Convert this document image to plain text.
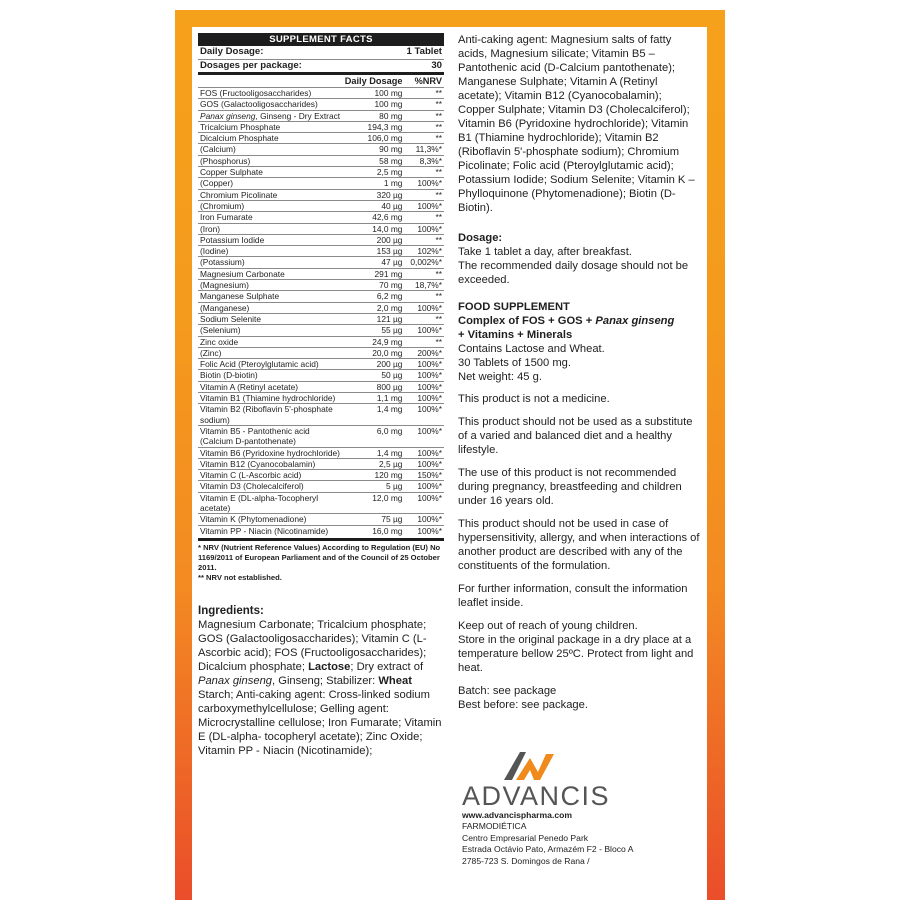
SUPPLEMENT FACTS		
Daily Dosage:		1 Tablet
Dosages per package:		30
	Daily Dosage	%NRV
FOS (Fructooligosaccharides)	100 mg	**
GOS (Galactooligosaccharides)	100 mg	**
Panax ginseng, Ginseng - Dry Extract	80 mg	**
Tricalcium Phosphate	194,3 mg	**
Dicalcium Phosphate	106,0 mg	**
(Calcium)	90 mg	11,3%*
(Phosphorus)	58 mg	8,3%*
Copper Sulphate	2,5 mg	**
(Copper)	1 mg	100%*
Chromium Picolinate	320 µg	**
(Chromium)	40 µg	100%*
Iron Fumarate	42,6 mg	**
(Iron)	14,0 mg	100%*
Potassium Iodide	200 µg	**
(Iodine)	153 µg	102%*
(Potassium)	47 µg	0,002%*
Magnesium Carbonate	291 mg	**
(Magnesium)	70 mg	18,7%*
Manganese Sulphate	6,2 mg	**
(Manganese)	2,0 mg	100%*
Sodium Selenite	121 µg	**
(Selenium)	55 µg	100%*
Zinc oxide	24,9 mg	**
(Zinc)	20,0 mg	200%*
Folic Acid (Pteroylglutamic acid)	200 µg	100%*
Biotin (D-biotin)	50 µg	100%*
Vitamin A (Retinyl acetate)	800 µg	100%*
Vitamin B1 (Thiamine hydrochloride)	1,1 mg	100%*
Vitamin B2 (Riboflavin 5'-phosphate sodium)	1,4 mg	100%*
Vitamin B5 - Pantothenic acid
(Calcium D-pantothenate)	6,0 mg	100%*
Vitamin B6 (Pyridoxine hydrochloride)	1,4 mg	100%*
Vitamin B12 (Cyanocobalamin)	2,5 µg	100%*
Vitamin C (L-Ascorbic acid)	120 mg	150%*
Vitamin D3 (Cholecalciferol)	5 µg	100%*
Vitamin E (DL-alpha-Tocopheryl acetate)	12,0 mg	100%*
Vitamin K (Phytomenadione)	75 µg	100%*
Vitamin PP - Niacin (Nicotinamide)	16,0 mg	100%*
* NRV (Nutrient Reference Values) According to Regulation (EU) No 1169/2011 of European Parliament and of the Council of 25 October 2011.
** NRV not established.
Ingredients:
Magnesium Carbonate; Tricalcium phosphate; GOS (Galactooligosaccharides); Vitamin C (L-Ascorbic acid); FOS (Fructooligosaccharides); Dicalcium phosphate; Lactose; Dry extract of Panax ginseng, Ginseng; Stabilizer: Wheat Starch; Anti-caking agent: Cross-linked sodium carboxymethylcellulose; Gelling agent: Microcrystalline cellulose; Iron Fumarate; Vitamin E (DL-alpha- tocopheryl acetate); Zinc Oxide; Vitamin PP - Niacin (Nicotinamide);

Anti-caking agent: Magnesium salts of fatty acids, Magnesium silicate; Vitamin B5 – Pantothenic acid (D-Calcium pantothenate); Manganese Sulphate; Vitamin A (Retinyl acetate); Vitamin B12 (Cyanocobalamin); Copper Sulphate; Vitamin D3 (Cholecalciferol); Vitamin B6 (Pyridoxine hydrochloride); Vitamin B1 (Thiamine hydrochloride); Vitamin B2 (Riboflavin 5'-phosphate sodium); Chromium Picolinate; Folic acid (Pteroylglutamic acid); Potassium Iodide; Sodium Selenite; Vitamin K – Phylloquinone (Phytomenadione); Biotin (D-Biotin).

Dosage:

Take 1 tablet a day, after breakfast.
The recommended daily dosage should not be exceeded.

FOOD SUPPLEMENT

Complex of FOS + GOS + Panax ginseng
+ Vitamins + Minerals
Contains Lactose and Wheat.
30 Tablets of 1500 mg.
Net weight: 45 g.

This product is not a medicine.

This product should not be used as a substitute of a varied and balanced diet and a healthy lifestyle.

The use of this product is not recommended during pregnancy, breastfeeding and children under 16 years old.

This product should not be used in case of hypersensitivity, allergy, and when interactions of another product are described with any of the constituents of the formulation.

For further information, consult the information leaflet inside.

Keep out of reach of young children.
Store in the original package in a dry place at a temperature bellow 25ºC. Protect from light and heat.

Batch: see package
Best before: see package.

ADVANCIS
www.advancispharma.com
FARMODIÉTICA
Centro Empresarial Penedo Park
Estrada Octávio Pato, Armazém F2 - Bloco A
2785-723 S. Domingos de Rana /
